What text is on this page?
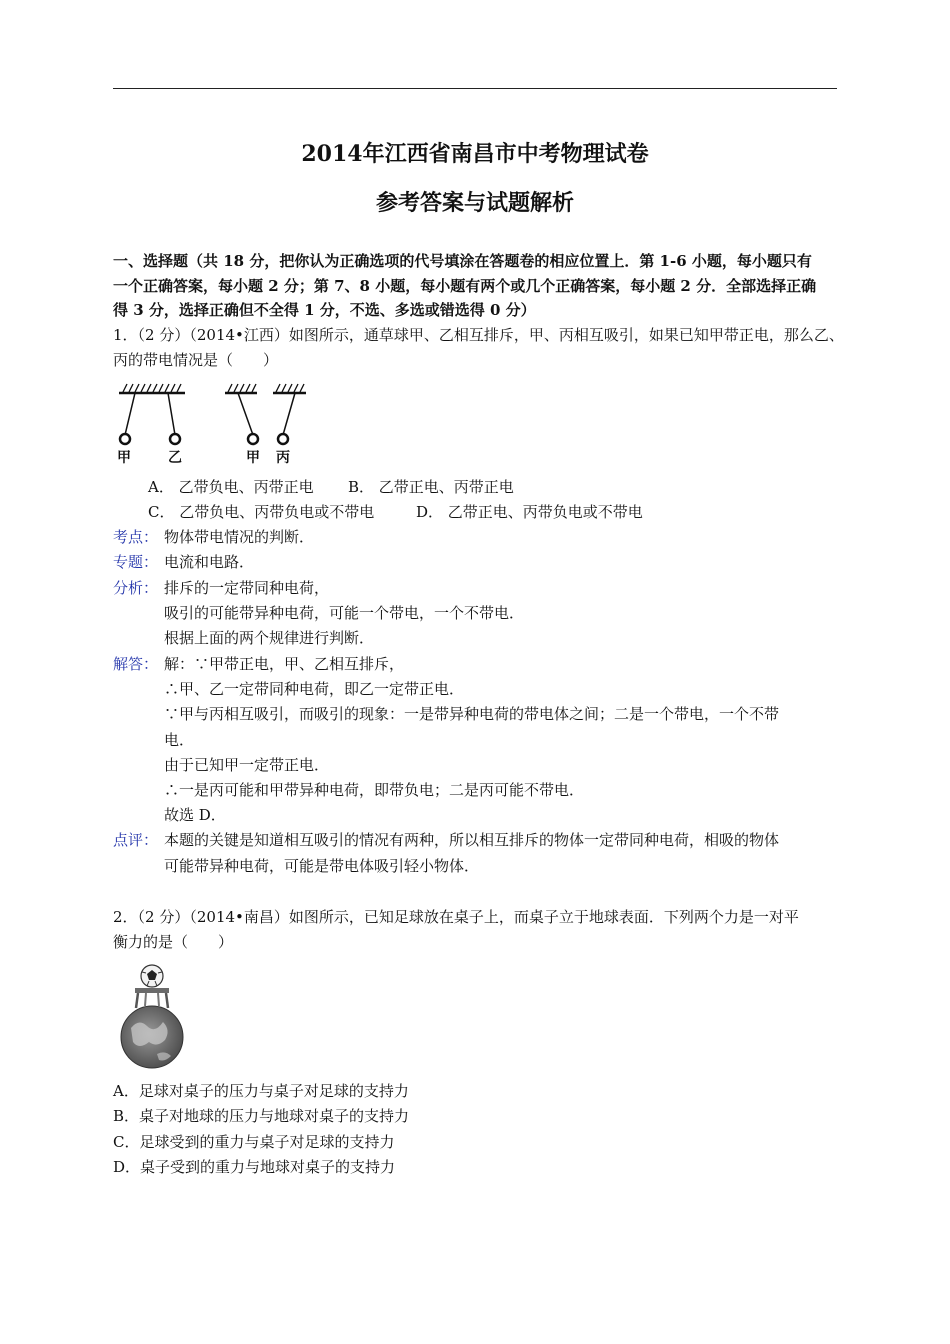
2014年江西省南昌市中考物理试卷
参考答案与试题解析
一、选择题（共 18 分，把你认为正确选项的代号填涂在答题卷的相应位置上．第 1-6 小题，每小题只有
一个正确答案，每小题 2 分；第 7、8 小题，每小题有两个或几个正确答案，每小题 2 分．全部选择正确
得 3 分，选择正确但不全得 1 分，不选、多选或错选得 0 分）
1．（2 分）（2014•江西）如图所示，通草球甲、乙相互排斥，甲、丙相互吸引，如果已知甲带正电，那么乙、
丙的带电情况是（　　）
甲	乙	甲 丙
A． 乙带负电、丙带正电 B． 乙带正电、丙带正电
C． 乙带负电、丙带负电或不带电	D． 乙带正电、丙带负电或不带电
考点： 物体带电情况的判断．
专题： 电流和电路．
分析： 排斥的一定带同种电荷，
吸引的可能带异种电荷，可能一个带电，一个不带电．
根据上面的两个规律进行判断．
解答： 解：∵甲带正电，甲、乙相互排斥，
∴甲、乙一定带同种电荷，即乙一定带正电．
∵甲与丙相互吸引，而吸引的现象：一是带异种电荷的带电体之间；二是一个带电，一个不带
电．
由于已知甲一定带正电．
∴一是丙可能和甲带异种电荷，即带负电；二是丙可能不带电．
故选 D．
点评： 本题的关键是知道相互吸引的情况有两种，所以相互排斥的物体一定带同种电荷，相吸的物体
可能带异种电荷，可能是带电体吸引轻小物体．
2．（2 分）（2014•南昌）如图所示，已知足球放在桌子上，而桌子立于地球表面．下列两个力是一对平
衡力的是（　　）
A．足球对桌子的压力与桌子对足球的支持力
B．桌子对地球的压力与地球对桌子的支持力
C．足球受到的重力与桌子对足球的支持力
D．桌子受到的重力与地球对桌子的支持力
